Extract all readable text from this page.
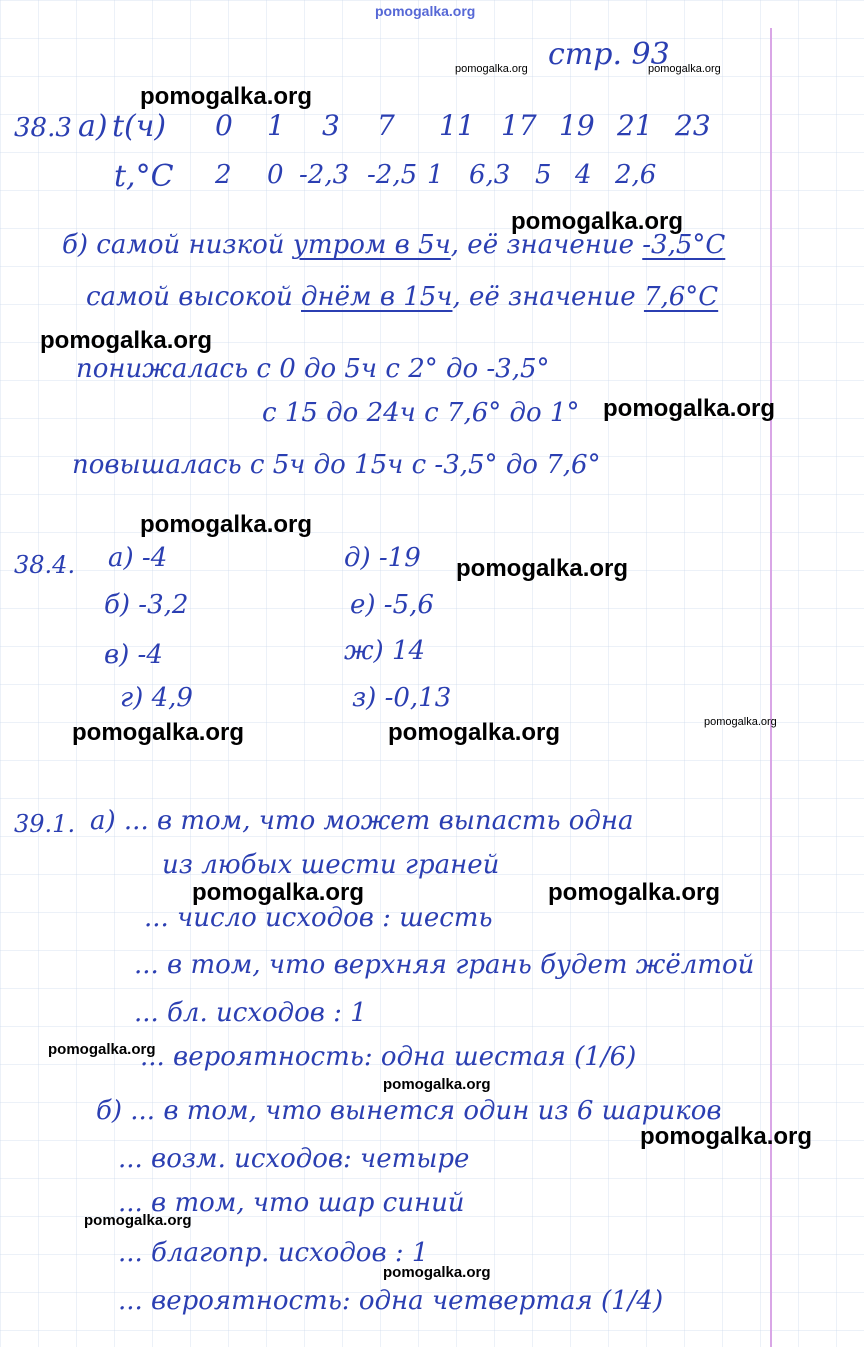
pomogalka.org
стр. 93
38.3 а) t(ч) 0	1	3	7	11 17 19 21 23
t,°C 2	0 -2,3 -2,5 1 6,3 5 4 2,6
б) самой низкой утром в 5ч, её значение -3,5°С
самой высокой днём в 15ч, её значение 7,6°С
понижалась с 0 до 5ч с 2° до -3,5°
с 15 до 24ч с 7,6° до 1°
повышалась с 5ч до 15ч с -3,5° до 7,6°
38.4. а) -4
б) -3,2
в) -4
г) 4,9
д) -19
е) -5,6
ж) 14
з) -0,13
39.1. а) ... в том, что может выпасть одна
из любых шести граней
... число исходов : шесть
... в том, что верхняя грань будет жёлтой
... бл. исходов : 1
... вероятность: одна шестая (1/6)
б) ... в том, что вынется один из 6 шариков
... возм. исходов: четыре
... в том, что шар синий
... благопр. исходов : 1
... вероятность: одна четвертая (1/4)
pomogalka.org	pomogalka.org
pomogalka.org
pomogalka.org
pomogalka.org
pomogalka.org
pomogalka.org
pomogalka.org
pomogalka.org	pomogalka.org	pomogalka.org
pomogalka.org	pomogalka.org
pomogalka.org
pomogalka.org
pomogalka.org
pomogalka.org
pomogalka.org
